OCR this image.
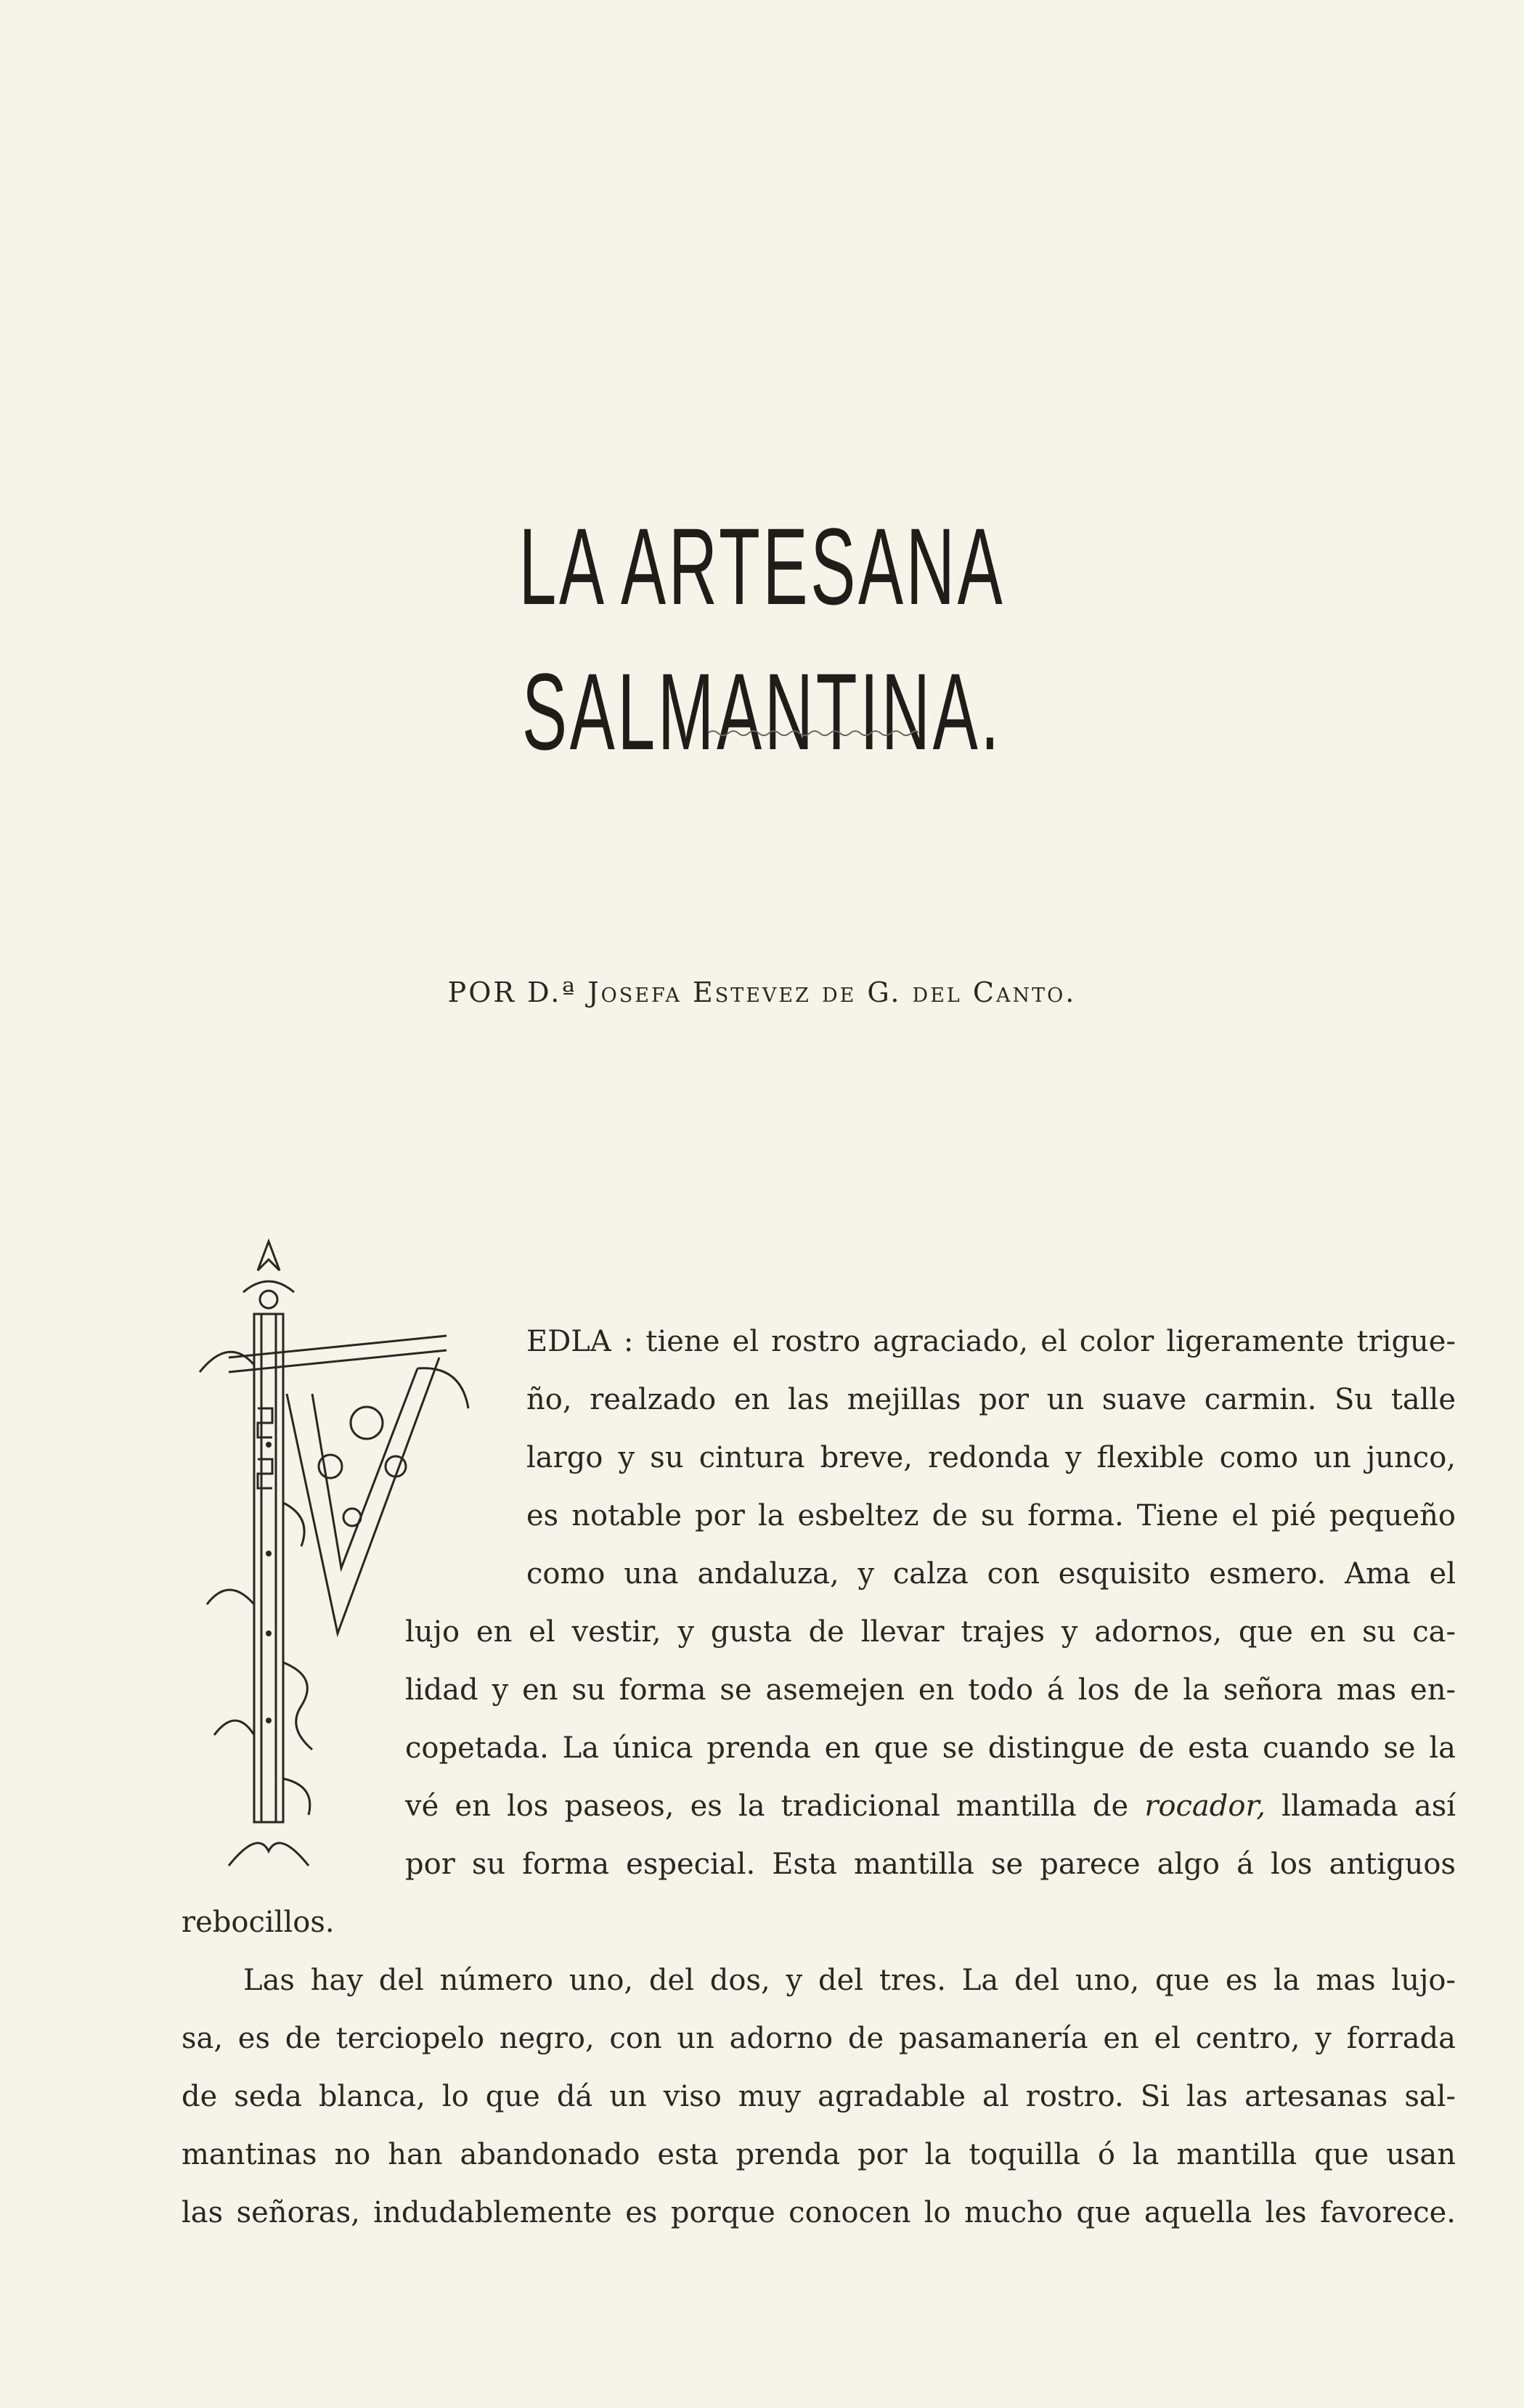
LA ARTESANA SALMANTINA.
POR D.ª Josefa Estevez de G. del Canto.
V
EDLA : tiene el rostro agraciado, el color ligeramente trigue-
ño, realzado en las mejillas por un suave carmin. Su talle
largo y su cintura breve, redonda y flexible como un junco,
es notable por la esbeltez de su forma. Tiene el pié pequeño
como una andaluza, y calza con esquisito esmero. Ama el
lujo en el vestir, y gusta de llevar trajes y adornos, que en su ca-
lidad y en su forma se asemejen en todo á los de la señora mas en-
copetada. La única prenda en que se distingue de esta cuando se la
vé en los paseos, es la tradicional mantilla de rocador, llamada así
por su forma especial. Esta mantilla se parece algo á los antiguos
rebocillos.
Las hay del número uno, del dos, y del tres. La del uno, que es la mas lujo-
sa, es de terciopelo negro, con un adorno de pasamanería en el centro, y forrada
de seda blanca, lo que dá un viso muy agradable al rostro. Si las artesanas sal-
mantinas no han abandonado esta prenda por la toquilla ó la mantilla que usan
las señoras, indudablemente es porque conocen lo mucho que aquella les favorece.
